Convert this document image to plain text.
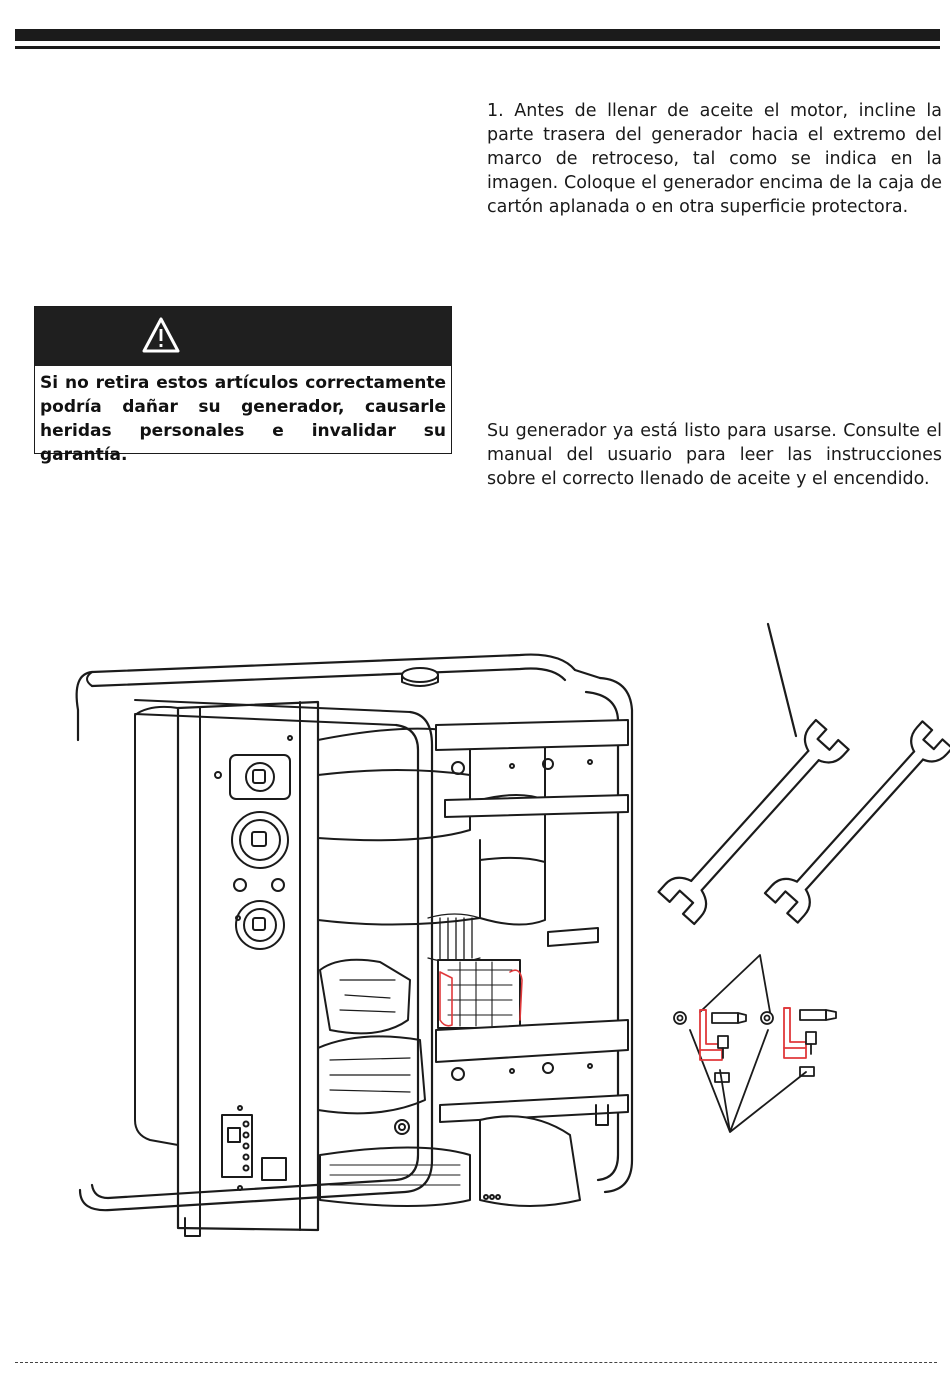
1. Antes de llenar de aceite el motor, incline la parte trasera del generador hacia el extremo del marco de retroceso, tal como se indica en la imagen. Coloque el generador encima de la caja de cartón aplanada o en otra superficie protectora.

Si no retira estos artículos correctamente
podría dañar su generador, causarle
heridas personales e invalidar su garantía.

Su generador ya está listo para usarse. Consulte el manual del usuario para leer las instrucciones sobre el correcto llenado de aceite y el encendido.
